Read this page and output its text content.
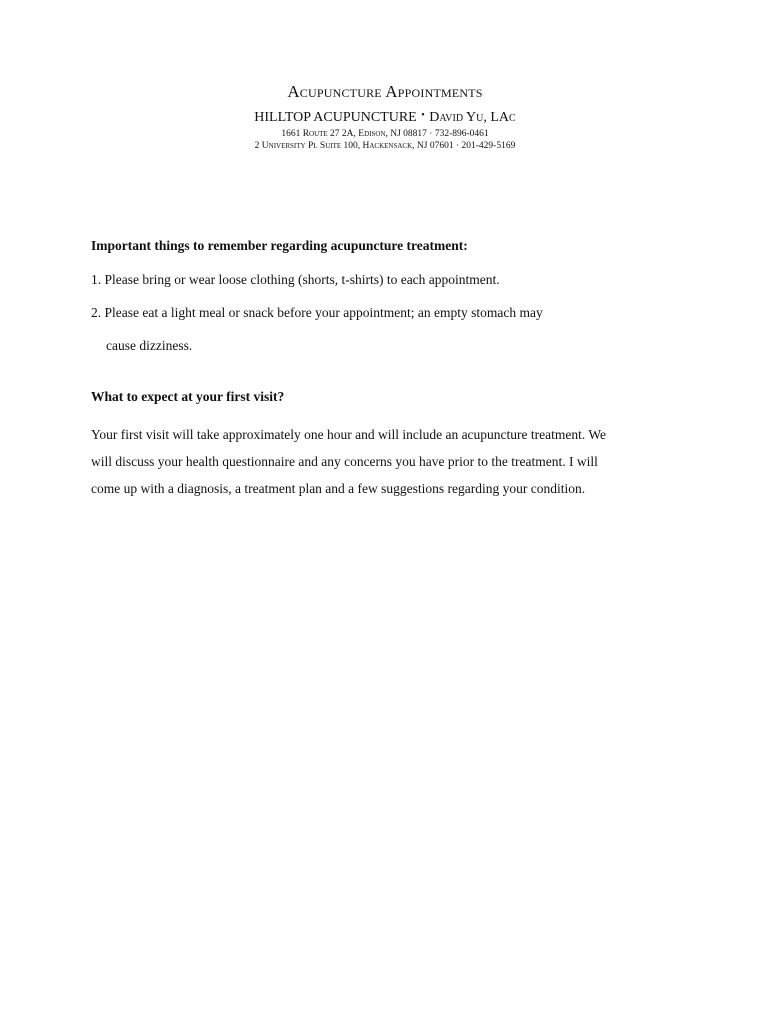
Acupuncture Appointments

HILLTOP ACUPUNCTURE • David Yu, LAc

1661 Route 27 2A, Edison, NJ 08817 · 732-896-0461

2 University Pl Suite 100, Hackensack, NJ 07601 · 201-429-5169

Important things to remember regarding acupuncture treatment:

1. Please bring or wear loose clothing (shorts, t-shirts) to each appointment.

2. Please eat a light meal or snack before your appointment; an empty stomach may

cause dizziness.

What to expect at your first visit?

Your first visit will take approximately one hour and will include an acupuncture treatment. We
will discuss your health questionnaire and any concerns you have prior to the treatment. I will
come up with a diagnosis, a treatment plan and a few suggestions regarding your condition.
